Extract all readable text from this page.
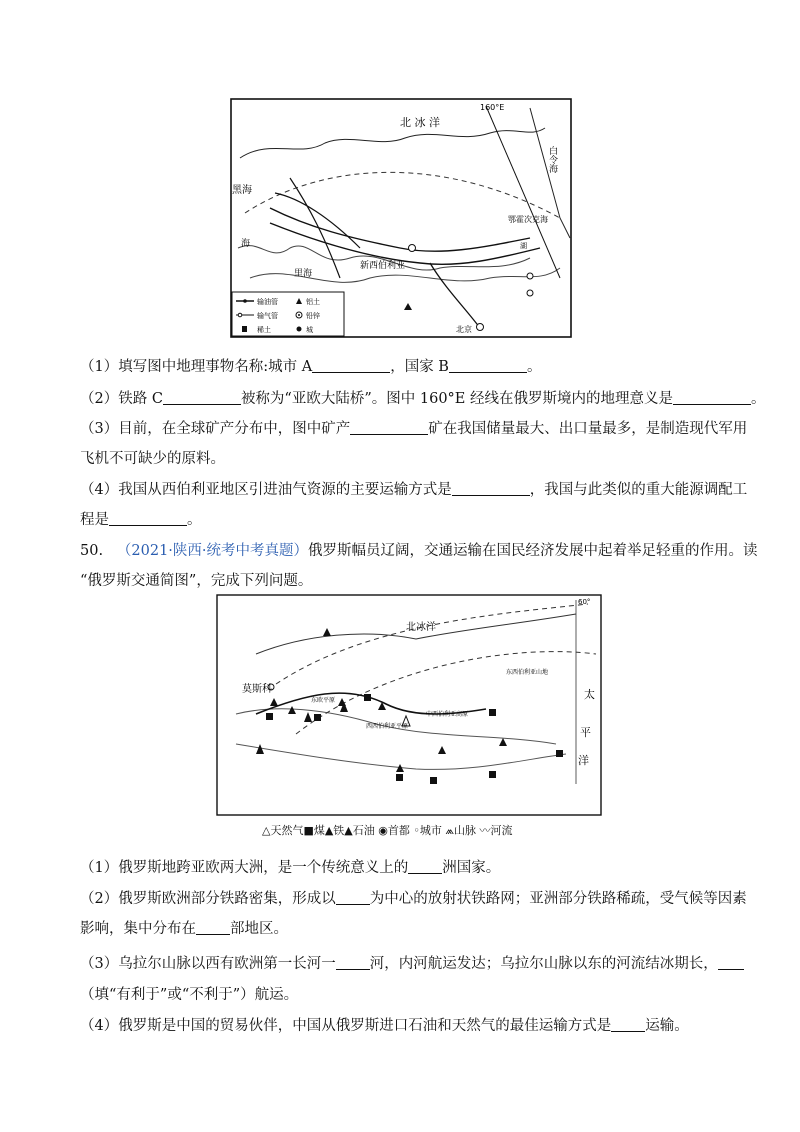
北 冰 洋
160°E
白令海
黑海
海
里海
新西伯利亚
北京
鄂霍次克海
湖
输油管	铝土
输气管	铅锌
稀土	城
（1）填写图中地理事物名称:城市 A	，国家 B	。
（2）铁路 C	被称为“亚欧大陆桥”。图中 160°E 经线在俄罗斯境内的地理意义是	。
（3）目前，在全球矿产分布中，图中矿产	矿在我国储量最大、出口量最多，是制造现代军用
飞机不可缺少的原料。
（4）我国从西伯利亚地区引进油气资源的主要运输方式是	，我国与此类似的重大能源调配工
程是	。
50. （2021·陕西·统考中考真题）俄罗斯幅员辽阔，交通运输在国民经济发展中起着举足轻重的作用。读
“俄罗斯交通简图”，完成下列问题。
北冰洋
莫斯科	太
平
洋
60°
东欧平原
中西伯利亚高原
西西伯利亚平原
东西伯利亚山地
△天然气■煤▲铁▲石油 ◉首都 ◦城市 ⩕山脉 〰河流
（1）俄罗斯地跨亚欧两大洲，是一个传统意义上的 洲国家。
（2）俄罗斯欧洲部分铁路密集，形成以 为中心的放射状铁路网；亚洲部分铁路稀疏，受气候等因素
影响，集中分布在 部地区。
（3）乌拉尔山脉以西有欧洲第一长河一 河，内河航运发达；乌拉尔山脉以东的河流结冰期长，
（填“有利于”或“不利于”）航运。
（4）俄罗斯是中国的贸易伙伴，中国从俄罗斯进口石油和天然气的最佳运输方式是 运输。
